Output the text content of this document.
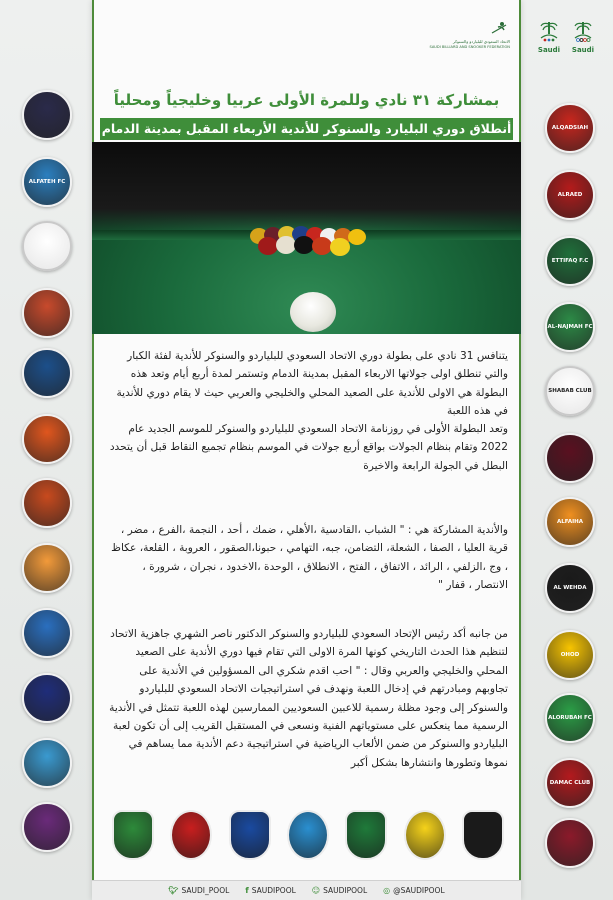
الاتحاد السعودي للبلياردو والسنوكر
SAUDI BILLIARD AND SNOOKER FEDERATION	Saudi Saudi
بمشاركة ٣١ نادي وللمرة الأولى عربيا وخليجياً ومحلياً
أنطلاق دوري البليارد والسنوكر للأندية الأربعاء المقبل بمدينة الدمام
يتنافس 31 نادي على بطولة دوري الاتحاد السعودي للبلياردو والسنوكر للأندية لفئة الكبار والتي تنطلق اولى جولاتها الاربعاء المقبل بمدينة الدمام وتستمر لمدة أربع أيام وتعد هذه البطولة هي الاولى للأندية على الصعيد المحلي والخليجي والعربي حيث لا يقام دوري للأندية في هذه اللعبة
وتعد البطولة الأولى في روزنامة الاتحاد السعودي للبلياردو والسنوكر للموسم الجديد عام 2022 وتقام بنظام الجولات بواقع أربع جولات في الموسم بنظام تجميع النقاط قبل أن يتحدد البطل في الجولة الرابعة والاخيرة
والأندية المشاركة هي : " الشباب ،القادسية ،الأهلي ، ضمك ، أحد ، النجمة ،الفرع ، مضر ، قرية العليا ، الصفا ، الشعلة، التضامن، جبه، التهامي ، حبونا،الصقور ، العروبة ، القلعة، عكاظ ، وج ،الزلفي ، الرائد ، الاتفاق ، الفتح ، الانطلاق ، الوحدة ،الاخدود ، نجران ، شرورة ، الانتصار ، قفار "
من جانبه أكد رئيس الإتحاد السعودي للبلياردو والسنوكر الدكتور ناصر الشهري جاهزية الاتحاد لتنظيم هذا الحدث التاريخي كونها المرة الاولى التي تقام فيها دوري الأندية على الصعيد المحلي والخليجي والعربي وقال : " احب اقدم شكري الى المسؤولين في الأندية على تجاوبهم ومبادرتهم في إدخال اللعبة ونهدف في استراتيجيات الاتحاد السعودي للبلياردو والسنوكر إلى وجود مظلة رسمية للاعبين السعوديين الممارسين لهذه اللعبة تتمثل في الأندية الرسمية مما ينعكس على مستوياتهم الفنية ونسعى في المستقبل القريب إلى أن تكون لعبة البلياردو والسنوكر من ضمن الألعاب الرياضية في استراتيجية دعم الأندية مما يساهم في نموها وتطورها وانتشارها بشكل أكبر
🐦︎ SAUDI_POOL f SAUDIPOOL ☺ SAUDIPOOL ◎ @SAUDIPOOL
ALQADSIAH
ALRAED
ETTIFAQ F.C
AL-NAJMAH FC
SHABAB CLUB
ALFAIHA
AL WEHDA
OHOD
ALORUBAH FC
DAMAC CLUB
ALFATEH FC
